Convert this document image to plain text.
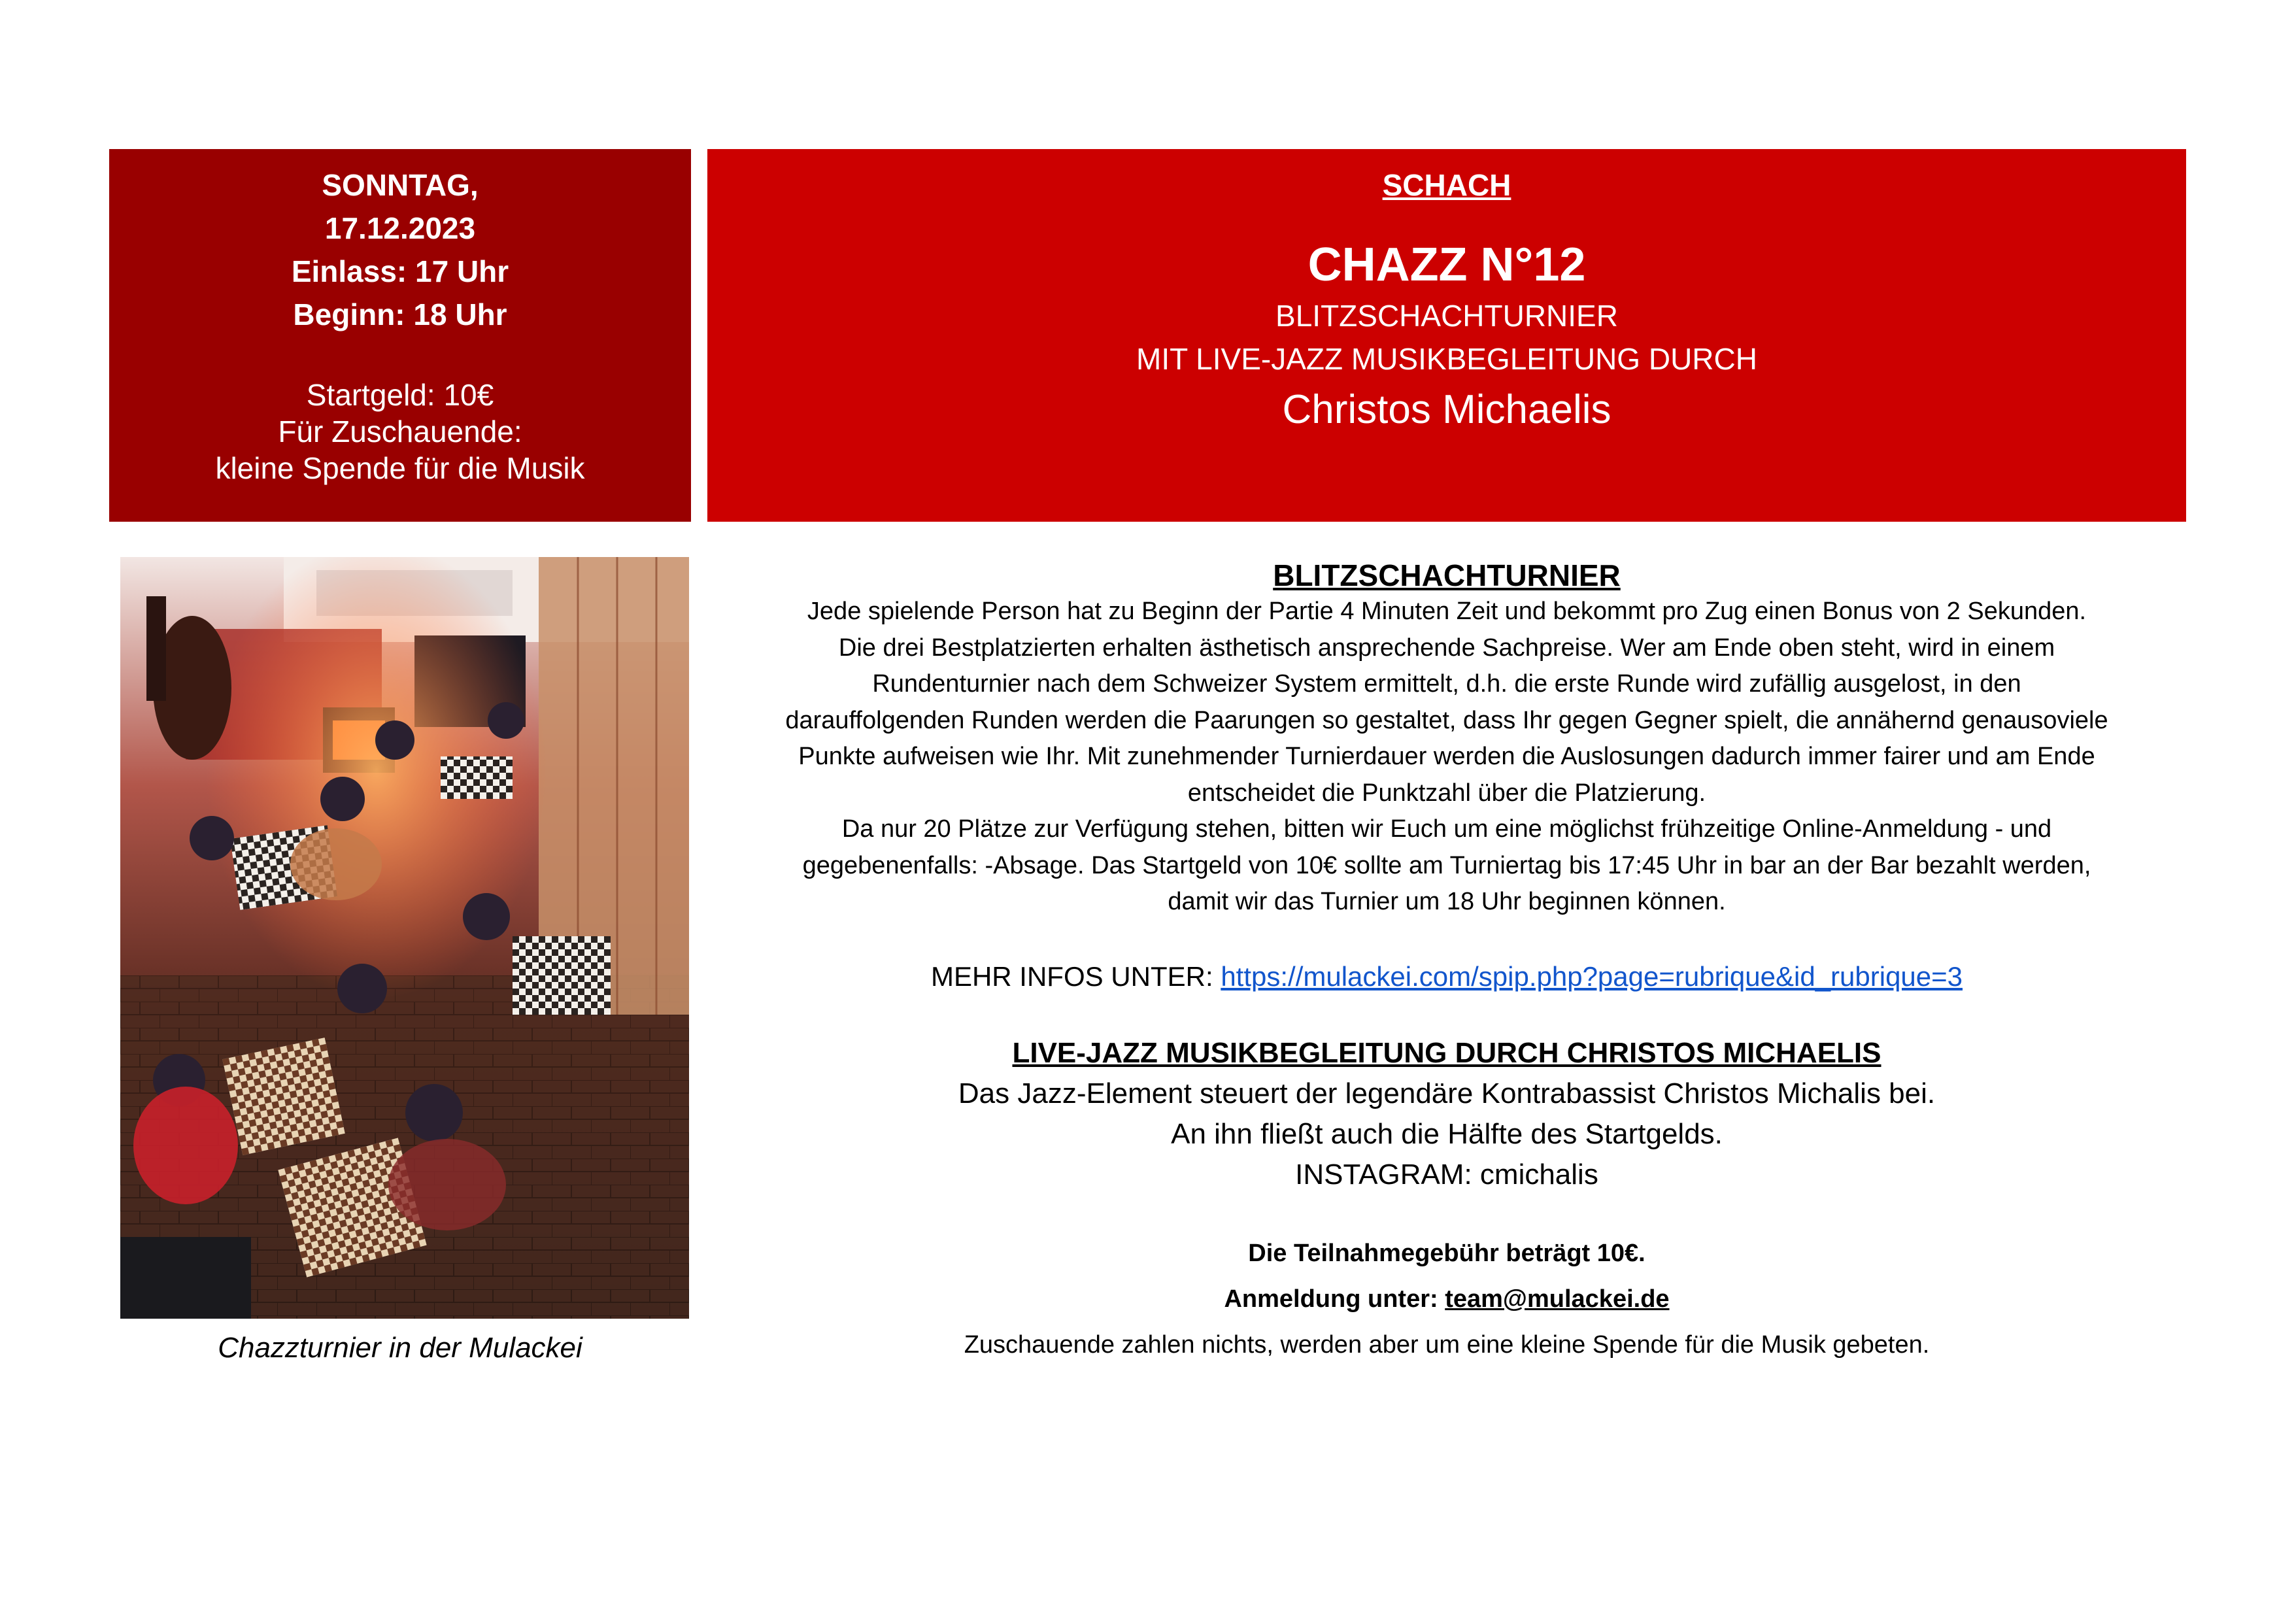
SONNTAG,
17.12.2023
Einlass: 17 Uhr
Beginn: 18 Uhr
Startgeld: 10€
Für Zuschauende:
kleine Spende für die Musik
SCHACH
CHAZZ N°12
BLITZSCHACHTURNIER
MIT LIVE-JAZZ MUSIKBEGLEITUNG DURCH
Christos Michaelis
Chazzturnier in der Mulackei
BLITZSCHACHTURNIER
Jede spielende Person hat zu Beginn der Partie 4 Minuten Zeit und bekommt pro Zug einen Bonus von 2 Sekunden.
Die drei Bestplatzierten erhalten ästhetisch ansprechende Sachpreise. Wer am Ende oben steht, wird in einem
Rundenturnier nach dem Schweizer System ermittelt, d.h. die erste Runde wird zufällig ausgelost, in den
darauffolgenden Runden werden die Paarungen so gestaltet, dass Ihr gegen Gegner spielt, die annähernd genausoviele
Punkte aufweisen wie Ihr. Mit zunehmender Turnierdauer werden die Auslosungen dadurch immer fairer und am Ende
entscheidet die Punktzahl über die Platzierung.
Da nur 20 Plätze zur Verfügung stehen, bitten wir Euch um eine möglichst frühzeitige Online-Anmeldung - und
gegebenenfalls: -Absage. Das Startgeld von 10€ sollte am Turniertag bis 17:45 Uhr in bar an der Bar bezahlt werden,
damit wir das Turnier um 18 Uhr beginnen können.
MEHR INFOS UNTER: https://mulackei.com/spip.php?page=rubrique&id_rubrique=3
LIVE-JAZZ MUSIKBEGLEITUNG DURCH CHRISTOS MICHAELIS
Das Jazz-Element steuert der legendäre Kontrabassist Christos Michalis bei.
An ihn fließt auch die Hälfte des Startgelds.
INSTAGRAM: cmichalis
Die Teilnahmegebühr beträgt 10€.
Anmeldung unter: team@mulackei.de
Zuschauende zahlen nichts, werden aber um eine kleine Spende für die Musik gebeten.
